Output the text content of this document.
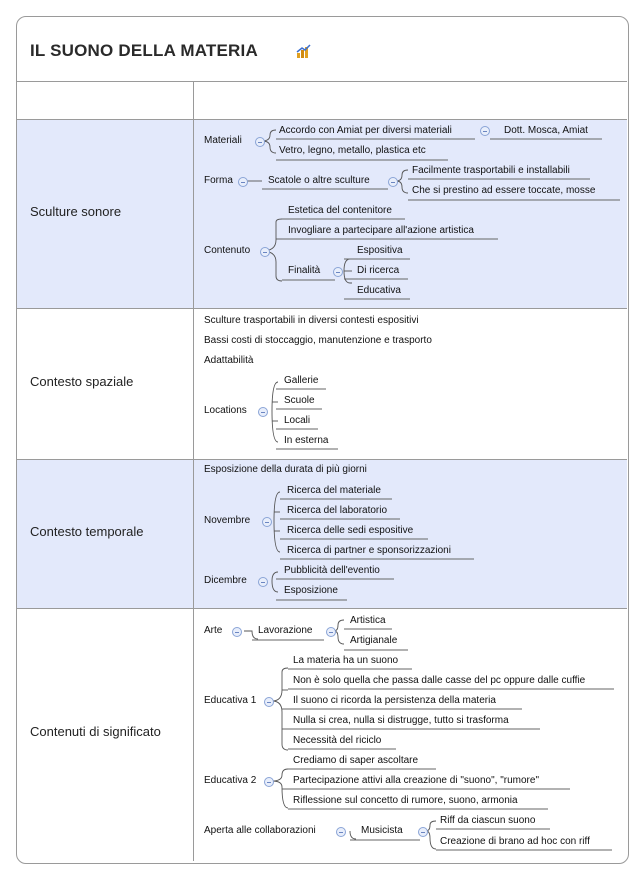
IL SUONO DELLA MATERIA
Sculture sonore
Contesto spaziale
Contesto temporale
Contenuti di significato
Materiali
Accordo con Amiat per diversi materiali	Dott. Mosca, Amiat
Vetro, legno, metallo, plastica etc
Forma	Scatole o altre sculture
Facilmente trasportabili e installabili
Che si prestino ad essere toccate, mosse
Contenuto
Estetica del contenitore
Invogliare a partecipare all'azione artistica
Finalità
Espositiva
Di ricerca
Educativa
Sculture trasportabili in diversi contesti espositivi
Bassi costi di stoccaggio, manutenzione e trasporto
Adattabilità
Locations
Gallerie
Scuole
Locali
In esterna
Esposizione della durata di più giorni
Novembre
Ricerca del materiale
Ricerca del laboratorio
Ricerca delle sedi espositive
Ricerca di partner e sponsorizzazioni
Dicembre
Pubblicità dell'eventio
Esposizione
Arte	Lavorazione
Artistica
Artigianale
Educativa 1
La materia ha un suono
Non è solo quella che passa dalle casse del pc oppure dalle cuffie
Il suono ci ricorda la persistenza della materia
Nulla si crea, nulla si distrugge, tutto si trasforma
Necessità del riciclo
Educativa 2
Crediamo di saper ascoltare
Partecipazione attivi alla creazione di "suono", "rumore"
Riflessione sul concetto di rumore, suono, armonia
Aperta alle collaborazioni	Musicista
Riff da ciascun suono
Creazione di brano ad hoc con riff
